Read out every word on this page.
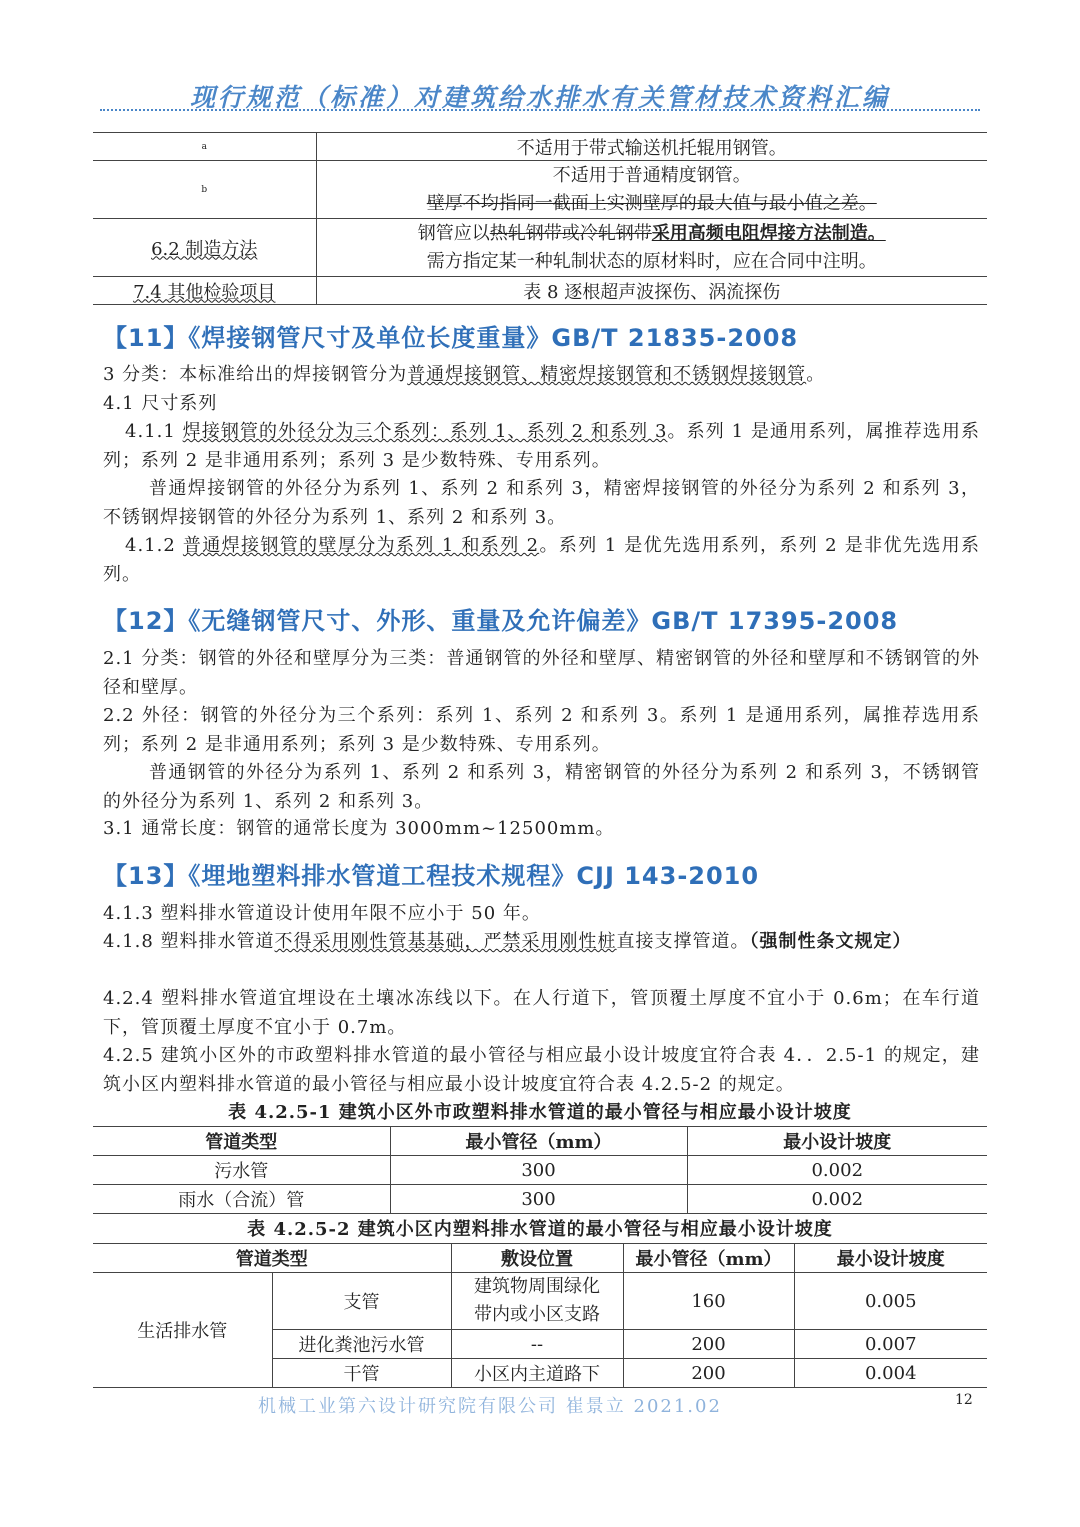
现行规范（标准）对建筑给水排水有关管材技术资料汇编
a	不适用于带式输送机托辊用钢管。
b	不适用于普通精度钢管。
壁厚不均指同一截面上实测壁厚的最大值与最小值之差。

6.2 制造方法	钢管应以热轧钢带或冷轧钢带采用高频电阻焊接方法制造。
需方指定某一种轧制状态的原材料时，应在合同中注明。

7.4 其他检验项目	表 8 逐根超声波探伤、涡流探伤
【11】《焊接钢管尺寸及单位长度重量》GB/T 21835-2008
3 分类：本标准给出的焊接钢管分为普通焊接钢管、精密焊接钢管和不锈钢焊接钢管。
4.1 尺寸系列
4.1.1 焊接钢管的外径分为三个系列：系列 1、系列 2 和系列 3。系列 1 是通用系列，属推荐选用系列；系列 2 是非通用系列；系列 3 是少数特殊、专用系列。
普通焊接钢管的外径分为系列 1、系列 2 和系列 3，精密焊接钢管的外径分为系列 2 和系列 3，不锈钢焊接钢管的外径分为系列 1、系列 2 和系列 3。
4.1.2 普通焊接钢管的壁厚分为系列 1 和系列 2。系列 1 是优先选用系列，系列 2 是非优先选用系列。
【12】《无缝钢管尺寸、外形、重量及允许偏差》GB/T 17395-2008
2.1 分类：钢管的外径和壁厚分为三类：普通钢管的外径和壁厚、精密钢管的外径和壁厚和不锈钢管的外径和壁厚。
2.2 外径：钢管的外径分为三个系列：系列 1、系列 2 和系列 3。系列 1 是通用系列，属推荐选用系列；系列 2 是非通用系列；系列 3 是少数特殊、专用系列。
普通钢管的外径分为系列 1、系列 2 和系列 3，精密钢管的外径分为系列 2 和系列 3，不锈钢管的外径分为系列 1、系列 2 和系列 3。
3.1 通常长度：钢管的通常长度为 3000mm~12500mm。
【13】《埋地塑料排水管道工程技术规程》CJJ 143-2010
4.1.3 塑料排水管道设计使用年限不应小于 50 年。
4.1.8 塑料排水管道不得采用刚性管基基础，严禁采用刚性桩直接支撑管道。（强制性条文规定）
4.2.4 塑料排水管道宜埋设在土壤冰冻线以下。在人行道下，管顶覆土厚度不宜小于 0.6m；在车行道下，管顶覆土厚度不宜小于 0.7m。
4.2.5 建筑小区外的市政塑料排水管道的最小管径与相应最小设计坡度宜符合表 4．．2.5-1 的规定，建筑小区内塑料排水管道的最小管径与相应最小设计坡度宜符合表 4.2.5-2 的规定。
表 4.2.5-1 建筑小区外市政塑料排水管道的最小管径与相应最小设计坡度
管道类型	最小管径（mm）	最小设计坡度
污水管	300	0.002
雨水（合流）管	300	0.002
表 4.2.5-2 建筑小区内塑料排水管道的最小管径与相应最小设计坡度
管道类型		敷设位置	最小管径（mm）	最小设计坡度
生活排水管	支管	建筑物周围绿化带内或小区支路	160	0.005
	进化粪池污水管	--	200	0.007
	干管	小区内主道路下	200	0.004
机械工业第六设计研究院有限公司 崔景立 2021.02	12
